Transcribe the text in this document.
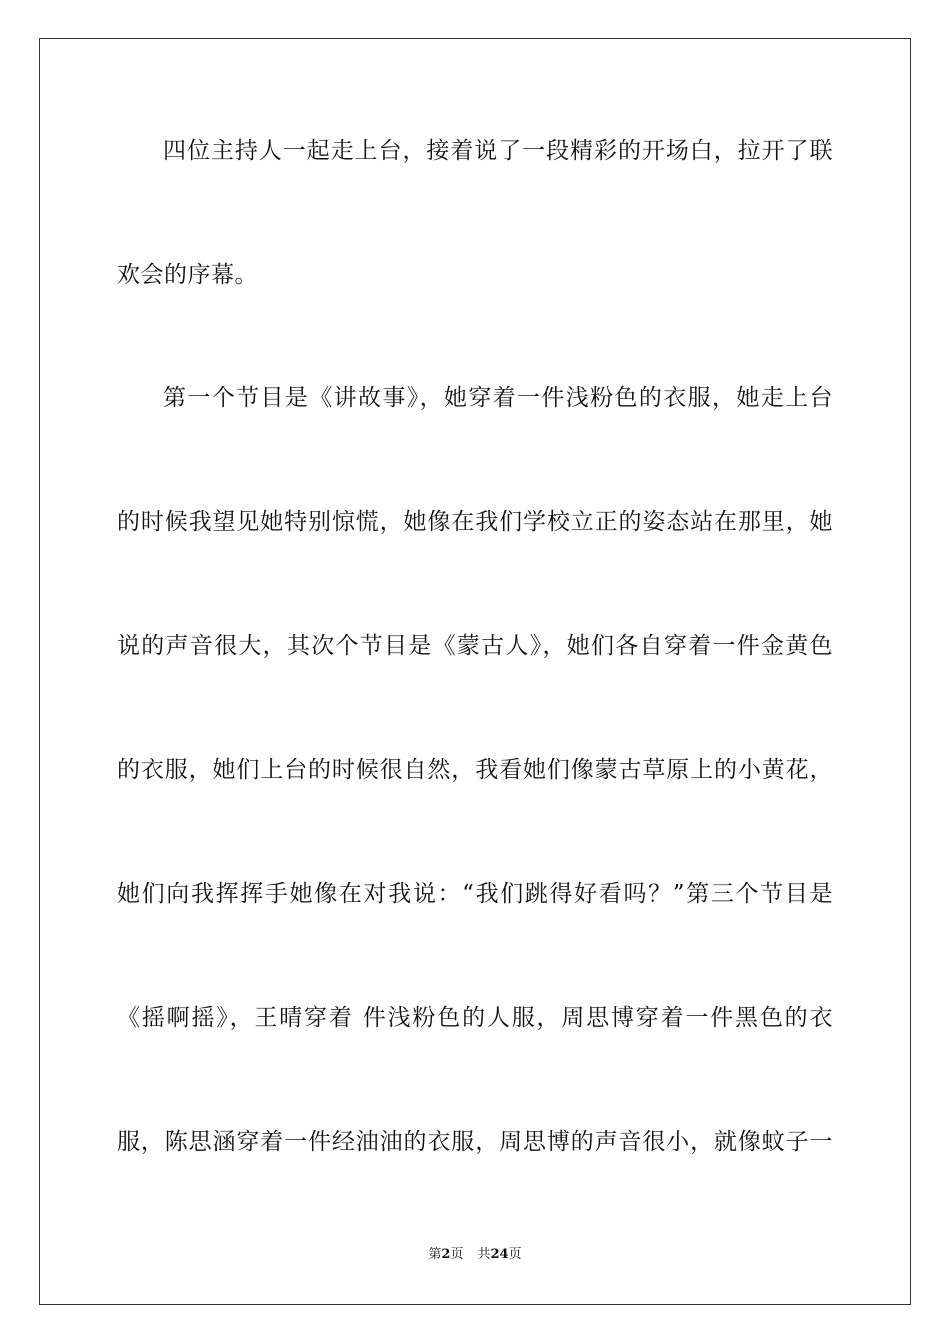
四位主持人一起走上台，接着说了一段精彩的开场白，拉开了联
欢会的序幕。
第一个节目是《讲故事》，她穿着一件浅粉色的衣服，她走上台
的时候我望见她特别惊慌，她像在我们学校立正的姿态站在那里，她
说的声音很大，其次个节目是《蒙古人》，她们各自穿着一件金黄色
的衣服，她们上台的时候很自然，我看她们像蒙古草原上的小黄花，
她们向我挥挥手她像在对我说：“我们跳得好看吗？”第三个节目是
《摇啊摇》，王晴穿着 件浅粉色的人服，周思博穿着一件黑色的衣
服，陈思涵穿着一件经油油的衣服，周思博的声音很小，就像蚊子一
第2页 共24页
